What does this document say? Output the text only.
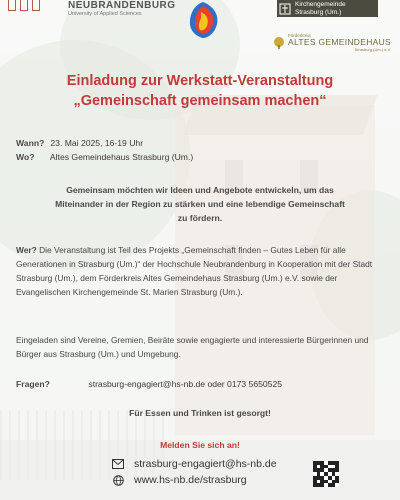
NEUBRANDENBURG
University of Applied Sciences
Kirchengemeinde
Strasburg (Um.)
Förderkreis
ALTES GEMEINDEHAUS
Strasburg (Um.) e.V.
Einladung zur Werkstatt-Veranstaltung
„Gemeinschaft gemeinsam machen“
Wann? 23. Mai 2025, 16-19 Uhr
Wo? Altes Gemeindehaus Strasburg (Um.)
Gemeinsam möchten wir Ideen und Angebote entwickeln, um das Miteinander in der Region zu stärken und eine lebendige Gemeinschaft zu fördern.
Wer? Die Veranstaltung ist Teil des Projekts „Gemeinschaft finden – Gutes Leben für alle Generationen in Strasburg (Um.)“ der Hochschule Neubrandenburg in Kooperation mit der Stadt Strasburg (Um.), dem Förderkreis Altes Gemeindehaus Strasburg (Um.) e.V. sowie der Evangelischen Kirchengemeinde St. Marien Strasburg (Um.).
Eingeladen sind Vereine, Gremien, Beiräte sowie engagierte und interessierte Bürgerinnen und Bürger aus Strasburg (Um.) und Umgebung.
Fragen?	strasburg-engagiert@hs-nb.de oder 0173 5650525
Für Essen und Trinken ist gesorgt!
Melden Sie sich an!
strasburg-engagiert@hs-nb.de
www.hs-nb.de/strasburg
